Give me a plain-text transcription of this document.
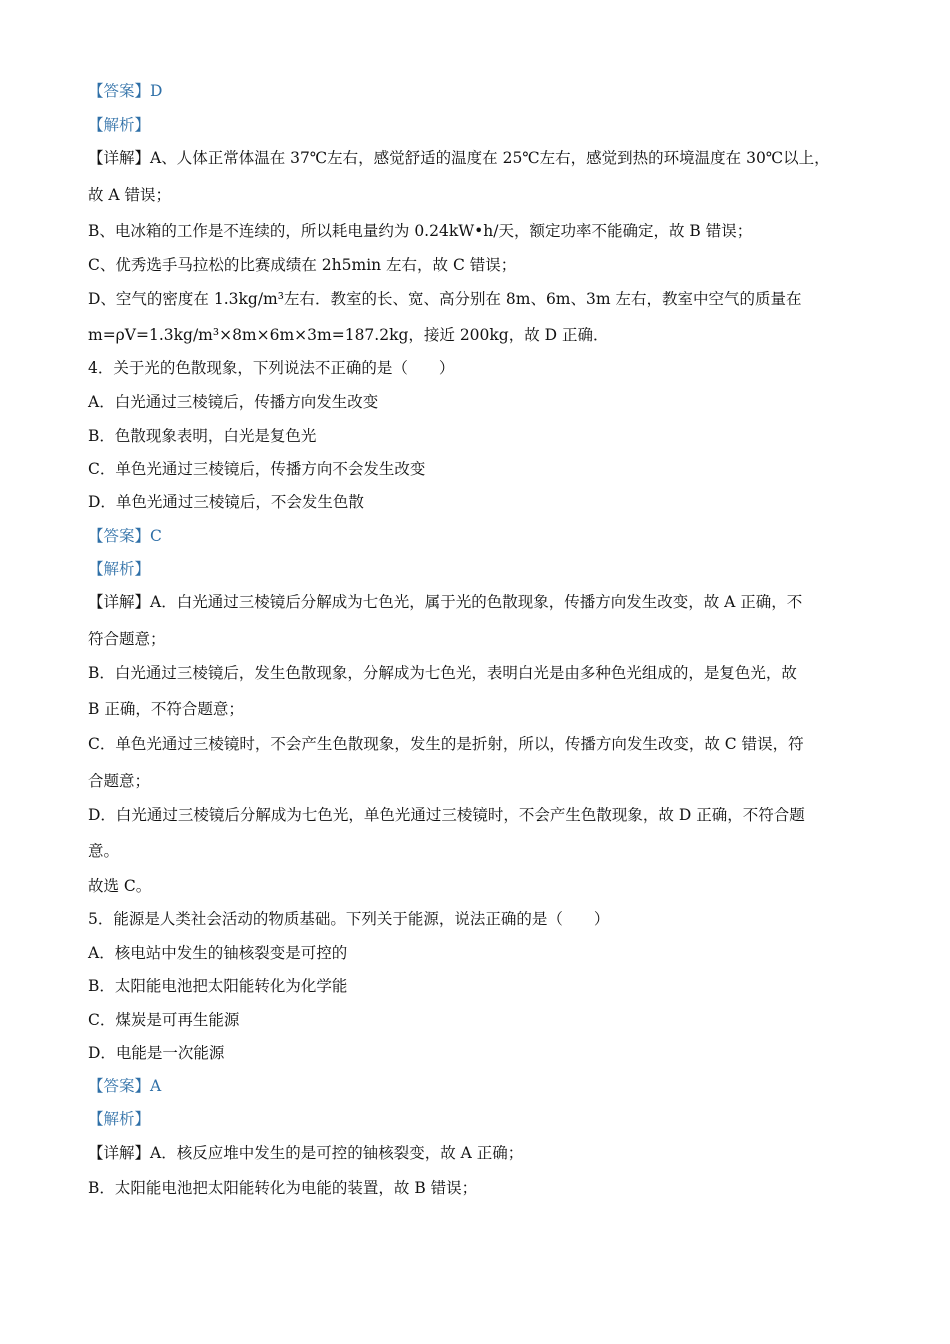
【答案】D
【解析】
【详解】A、人体正常体温在 37℃左右，感觉舒适的温度在 25℃左右，感觉到热的环境温度在 30℃以上，
故 A 错误；
B、电冰箱的工作是不连续的，所以耗电量约为 0.24kW•h/天，额定功率不能确定，故 B 错误；
C、优秀选手马拉松的比赛成绩在 2h5min 左右，故 C 错误；
D、空气的密度在 1.3kg/m³左右．教室的长、宽、高分别在 8m、6m、3m 左右，教室中空气的质量在
m=ρV=1.3kg/m³×8m×6m×3m=187.2kg，接近 200kg，故 D 正确．
4．关于光的色散现象，下列说法不正确的是（　　）
A．白光通过三棱镜后，传播方向发生改变
B．色散现象表明，白光是复色光
C．单色光通过三棱镜后，传播方向不会发生改变
D．单色光通过三棱镜后，不会发生色散
【答案】C
【解析】
【详解】A．白光通过三棱镜后分解成为七色光，属于光的色散现象，传播方向发生改变，故 A 正确，不
符合题意；
B．白光通过三棱镜后，发生色散现象，分解成为七色光，表明白光是由多种色光组成的，是复色光，故
B 正确，不符合题意；
C．单色光通过三棱镜时，不会产生色散现象，发生的是折射，所以，传播方向发生改变，故 C 错误，符
合题意；
D．白光通过三棱镜后分解成为七色光，单色光通过三棱镜时，不会产生色散现象，故 D 正确，不符合题
意。
故选 C。
5．能源是人类社会活动的物质基础。下列关于能源，说法正确的是（　　）
A．核电站中发生的铀核裂变是可控的
B．太阳能电池把太阳能转化为化学能
C．煤炭是可再生能源
D．电能是一次能源
【答案】A
【解析】
【详解】A．核反应堆中发生的是可控的铀核裂变，故 A 正确；
B．太阳能电池把太阳能转化为电能的装置，故 B 错误；
